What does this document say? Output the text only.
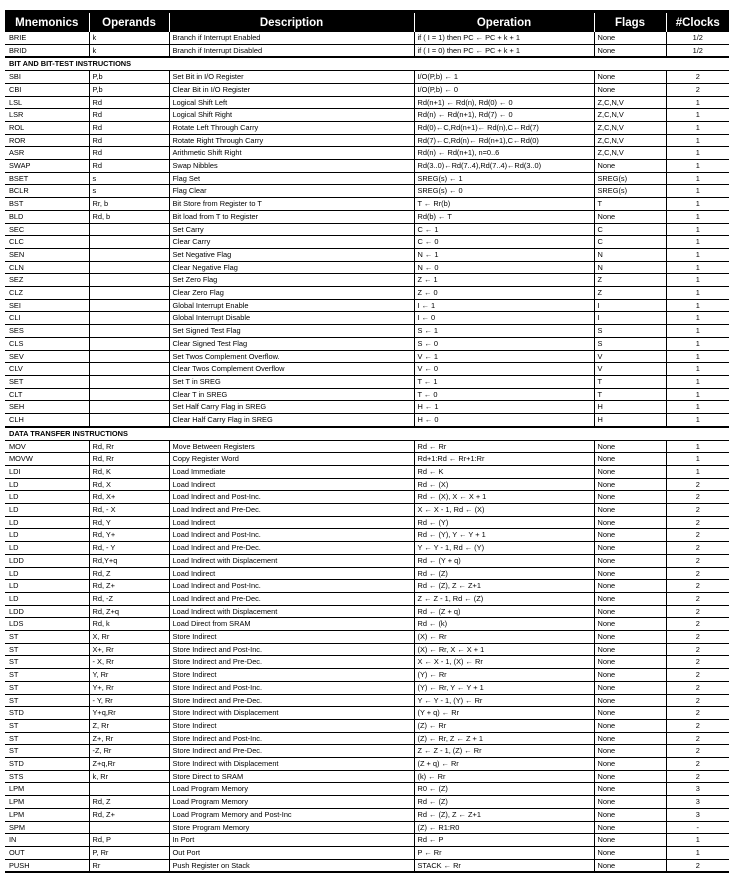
Mnemonics	Operands	Description	Operation	Flags	#Clocks
BRIE	k	Branch if Interrupt Enabled	if ( I = 1) then PC ← PC + k + 1	None	1/2
BRID	k	Branch if Interrupt Disabled	if ( I = 0) then PC ← PC + k + 1	None	1/2
BIT AND BIT-TEST INSTRUCTIONS					
SBI	P,b	Set Bit in I/O Register	I/O(P,b) ← 1	None	2
CBI	P,b	Clear Bit in I/O Register	I/O(P,b) ← 0	None	2
LSL	Rd	Logical Shift Left	Rd(n+1) ← Rd(n), Rd(0) ← 0	Z,C,N,V	1
LSR	Rd	Logical Shift Right	Rd(n) ← Rd(n+1), Rd(7) ← 0	Z,C,N,V	1
ROL	Rd	Rotate Left Through Carry	Rd(0)←C,Rd(n+1)← Rd(n),C←Rd(7)	Z,C,N,V	1
ROR	Rd	Rotate Right Through Carry	Rd(7)←C,Rd(n)← Rd(n+1),C←Rd(0)	Z,C,N,V	1
ASR	Rd	Arithmetic Shift Right	Rd(n) ← Rd(n+1), n=0..6	Z,C,N,V	1
SWAP	Rd	Swap Nibbles	Rd(3..0)←Rd(7..4),Rd(7..4)←Rd(3..0)	None	1
BSET	s	Flag Set	SREG(s) ← 1	SREG(s)	1
BCLR	s	Flag Clear	SREG(s) ← 0	SREG(s)	1
BST	Rr, b	Bit Store from Register to T	T ← Rr(b)	T	1
BLD	Rd, b	Bit load from T to Register	Rd(b) ← T	None	1
SEC		Set Carry	C ← 1	C	1
CLC		Clear Carry	C ← 0	C	1
SEN		Set Negative Flag	N ← 1	N	1
CLN		Clear Negative Flag	N ← 0	N	1
SEZ		Set Zero Flag	Z ← 1	Z	1
CLZ		Clear Zero Flag	Z ← 0	Z	1
SEI		Global Interrupt Enable	I ← 1	I	1
CLI		Global Interrupt Disable	I ← 0	I	1
SES		Set Signed Test Flag	S ← 1	S	1
CLS		Clear Signed Test Flag	S ← 0	S	1
SEV		Set Twos Complement Overflow.	V ← 1	V	1
CLV		Clear Twos Complement Overflow	V ← 0	V	1
SET		Set T in SREG	T ← 1	T	1
CLT		Clear T in SREG	T ← 0	T	1
SEH		Set Half Carry Flag in SREG	H ← 1	H	1
CLH		Clear Half Carry Flag in SREG	H ← 0	H	1
DATA TRANSFER INSTRUCTIONS					
MOV	Rd, Rr	Move Between Registers	Rd ← Rr	None	1
MOVW	Rd, Rr	Copy Register Word	Rd+1:Rd ← Rr+1:Rr	None	1
LDI	Rd, K	Load Immediate	Rd ← K	None	1
LD	Rd, X	Load Indirect	Rd ← (X)	None	2
LD	Rd, X+	Load Indirect and Post-Inc.	Rd ← (X), X ← X + 1	None	2
LD	Rd, - X	Load Indirect and Pre-Dec.	X ← X - 1, Rd ← (X)	None	2
LD	Rd, Y	Load Indirect	Rd ← (Y)	None	2
LD	Rd, Y+	Load Indirect and Post-Inc.	Rd ← (Y), Y ← Y + 1	None	2
LD	Rd, - Y	Load Indirect and Pre-Dec.	Y ← Y - 1, Rd ← (Y)	None	2
LDD	Rd,Y+q	Load Indirect with Displacement	Rd ← (Y + q)	None	2
LD	Rd, Z	Load Indirect	Rd ← (Z)	None	2
LD	Rd, Z+	Load Indirect and Post-Inc.	Rd ← (Z), Z ← Z+1	None	2
LD	Rd, -Z	Load Indirect and Pre-Dec.	Z ← Z - 1, Rd ← (Z)	None	2
LDD	Rd, Z+q	Load Indirect with Displacement	Rd ← (Z + q)	None	2
LDS	Rd, k	Load Direct from SRAM	Rd ← (k)	None	2
ST	X, Rr	Store Indirect	(X) ← Rr	None	2
ST	X+, Rr	Store Indirect and Post-Inc.	(X) ← Rr, X ← X + 1	None	2
ST	- X, Rr	Store Indirect and Pre-Dec.	X ← X - 1, (X) ← Rr	None	2
ST	Y, Rr	Store Indirect	(Y) ← Rr	None	2
ST	Y+, Rr	Store Indirect and Post-Inc.	(Y) ← Rr, Y ← Y + 1	None	2
ST	- Y, Rr	Store Indirect and Pre-Dec.	Y ← Y - 1, (Y) ← Rr	None	2
STD	Y+q,Rr	Store Indirect with Displacement	(Y + q) ← Rr	None	2
ST	Z, Rr	Store Indirect	(Z) ← Rr	None	2
ST	Z+, Rr	Store Indirect and Post-Inc.	(Z) ← Rr, Z ← Z + 1	None	2
ST	-Z, Rr	Store Indirect and Pre-Dec.	Z ← Z - 1, (Z) ← Rr	None	2
STD	Z+q,Rr	Store Indirect with Displacement	(Z + q) ← Rr	None	2
STS	k, Rr	Store Direct to SRAM	(k) ← Rr	None	2
LPM		Load Program Memory	R0 ← (Z)	None	3
LPM	Rd, Z	Load Program Memory	Rd ← (Z)	None	3
LPM	Rd, Z+	Load Program Memory and Post-Inc	Rd ← (Z), Z ← Z+1	None	3
SPM		Store Program Memory	(Z) ← R1:R0	None	-
IN	Rd, P	In Port	Rd ← P	None	1
OUT	P, Rr	Out Port	P ← Rr	None	1
PUSH	Rr	Push Register on Stack	STACK ← Rr	None	2
